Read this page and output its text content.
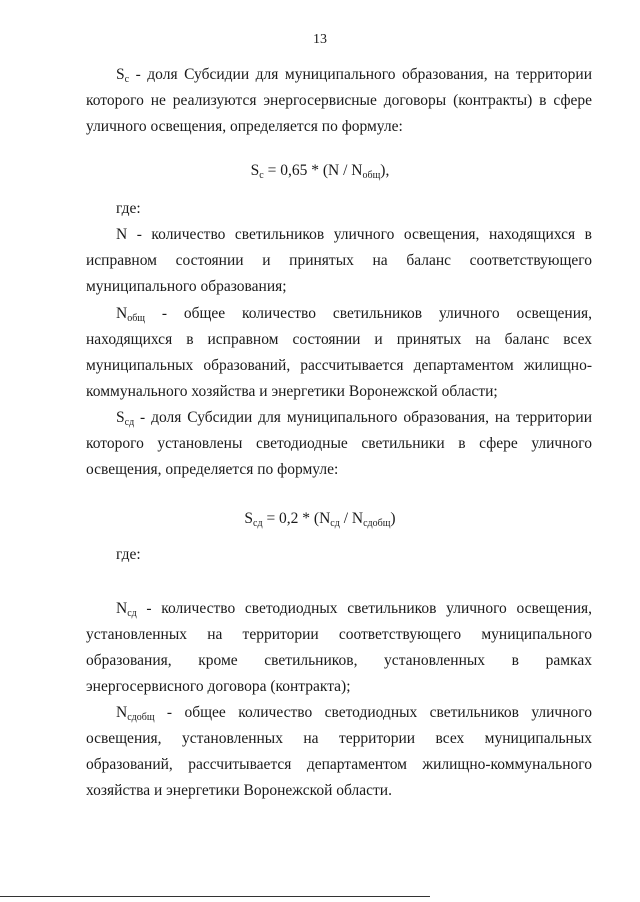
13

$S_c$ - доля Субсидии для муниципального образования, на территории которого не реализуются энергосервисные договоры (контракты) в сфере уличного освещения, определяется по формуле:

$S_c = 0,65 * (N / N_{общ})$,
где:

N - количество светильников уличного освещения, находящихся в исправном состоянии и принятых на баланс соответствующего муниципального образования;

$N_{общ}$ - общее количество светильников уличного освещения, находящихся в исправном состоянии и принятых на баланс всех муниципальных образований, рассчитывается департаментом жилищно-коммунального хозяйства и энергетики Воронежской области;

$S_{сд}$ - доля Субсидии для муниципального образования, на территории которого установлены светодиодные светильники в сфере уличного освещения, определяется по формуле:

$S_{сд} = 0,2 * (N_{сд} / N_{сдобщ})$
где:

$N_{сд}$ - количество светодиодных светильников уличного освещения, установленных на территории соответствующего муниципального образования, кроме светильников, установленных в рамках энергосервисного договора (контракта);

$N_{сдобщ}$ - общее количество светодиодных светильников уличного освещения, установленных на территории всех муниципальных образований, рассчитывается департаментом жилищно-коммунального хозяйства и энергетики Воронежской области.
